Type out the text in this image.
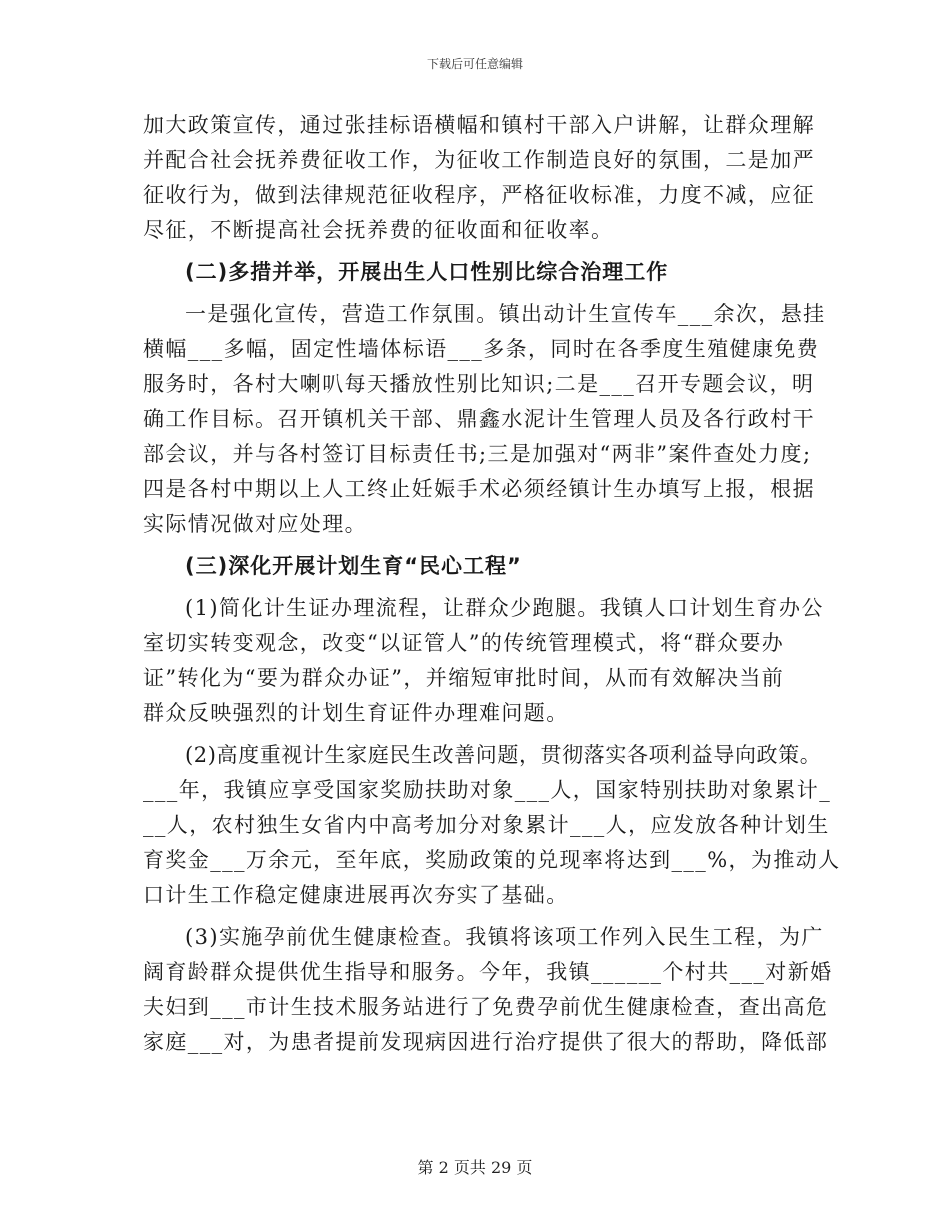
下载后可任意编辑
加大政策宣传，通过张挂标语横幅和镇村干部入户讲解，让群众理解
并配合社会抚养费征收工作，为征收工作制造良好的氛围，二是加严
征收行为，做到法律规范征收程序，严格征收标准，力度不减，应征
尽征，不断提高社会抚养费的征收面和征收率。
(二)多措并举，开展出生人口性别比综合治理工作
一是强化宣传，营造工作氛围。镇出动计生宣传车___余次，悬挂
横幅___多幅，固定性墙体标语___多条，同时在各季度生殖健康免费
服务时，各村大喇叭每天播放性别比知识;二是___召开专题会议，明
确工作目标。召开镇机关干部、鼎鑫水泥计生管理人员及各行政村干
部会议，并与各村签订目标责任书;三是加强对“两非”案件查处力度;
四是各村中期以上人工终止妊娠手术必须经镇计生办填写上报，根据
实际情况做对应处理。
(三)深化开展计划生育“民心工程”
(1)简化计生证办理流程，让群众少跑腿。我镇人口计划生育办公
室切实转变观念，改变“以证管人”的传统管理模式，将“群众要办
证”转化为“要为群众办证”，并缩短审批时间，从而有效解决当前
群众反映强烈的计划生育证件办理难问题。
(2)高度重视计生家庭民生改善问题，贯彻落实各项利益导向政策。
___年，我镇应享受国家奖励扶助对象___人，国家特别扶助对象累计_
__人，农村独生女省内中高考加分对象累计___人，应发放各种计划生
育奖金___万余元，至年底，奖励政策的兑现率将达到___%，为推动人
口计生工作稳定健康进展再次夯实了基础。
(3)实施孕前优生健康检查。我镇将该项工作列入民生工程，为广
阔育龄群众提供优生指导和服务。今年，我镇______个村共___对新婚
夫妇到___市计生技术服务站进行了免费孕前优生健康检查，查出高危
家庭___对，为患者提前发现病因进行治疗提供了很大的帮助，降低部
第 2 页共 29 页
